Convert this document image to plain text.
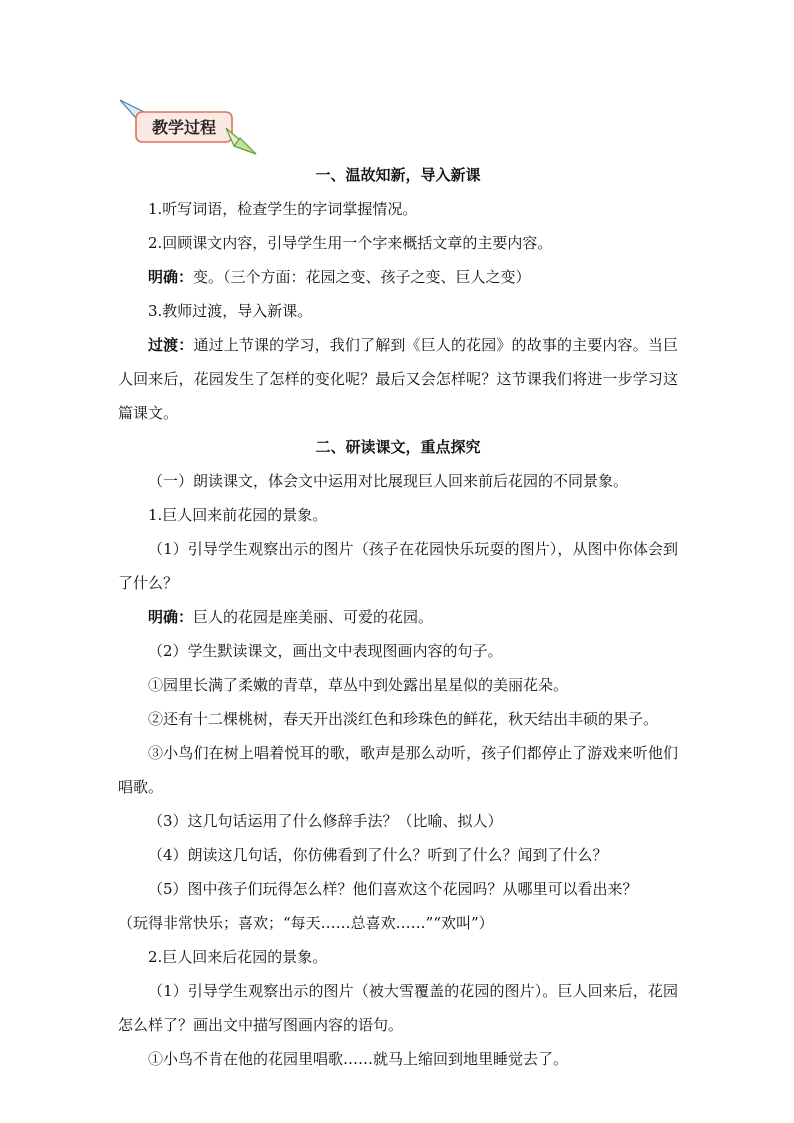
教学过程
一、温故知新，导入新课
1.听写词语，检查学生的字词掌握情况。
2.回顾课文内容，引导学生用一个字来概括文章的主要内容。
明确：变。（三个方面：花园之变、孩子之变、巨人之变）
3.教师过渡，导入新课。
过渡：通过上节课的学习，我们了解到《巨人的花园》的故事的主要内容。当巨人回来后，花园发生了怎样的变化呢？最后又会怎样呢？这节课我们将进一步学习这篇课文。
二、研读课文，重点探究
（一）朗读课文，体会文中运用对比展现巨人回来前后花园的不同景象。
1.巨人回来前花园的景象。
（1）引导学生观察出示的图片（孩子在花园快乐玩耍的图片），从图中你体会到了什么？
明确：巨人的花园是座美丽、可爱的花园。
（2）学生默读课文，画出文中表现图画内容的句子。
①园里长满了柔嫩的青草，草丛中到处露出星星似的美丽花朵。
②还有十二棵桃树，春天开出淡红色和珍珠色的鲜花，秋天结出丰硕的果子。
③小鸟们在树上唱着悦耳的歌，歌声是那么动听，孩子们都停止了游戏来听他们唱歌。
（3）这几句话运用了什么修辞手法？（比喻、拟人）
（4）朗读这几句话，你仿佛看到了什么？听到了什么？闻到了什么？
（5）图中孩子们玩得怎么样？他们喜欢这个花园吗？从哪里可以看出来？
（玩得非常快乐；喜欢；“每天……总喜欢……”“欢叫”）
2.巨人回来后花园的景象。
（1）引导学生观察出示的图片（被大雪覆盖的花园的图片）。巨人回来后，花园怎么样了？画出文中描写图画内容的语句。
①小鸟不肯在他的花园里唱歌……就马上缩回到地里睡觉去了。
